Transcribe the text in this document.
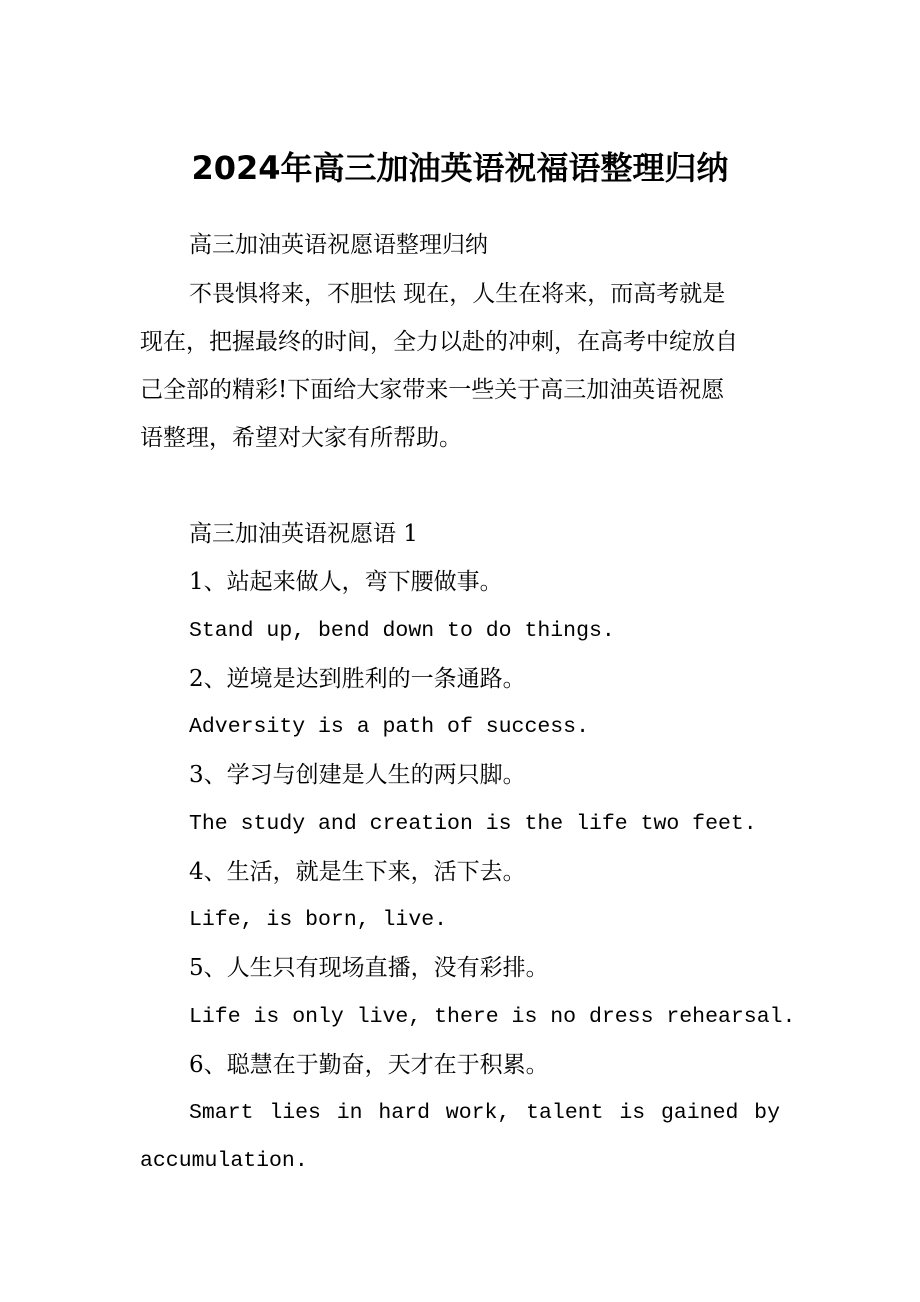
2024年高三加油英语祝福语整理归纳
高三加油英语祝愿语整理归纳
不畏惧将来，不胆怯 现在，人生在将来，而高考就是
现在，把握最终的时间，全力以赴的冲刺，在高考中绽放自
己全部的精彩!下面给大家带来一些关于高三加油英语祝愿
语整理，希望对大家有所帮助。
高三加油英语祝愿语 1
1、站起来做人，弯下腰做事。
Stand up, bend down to do things.
2、逆境是达到胜利的一条通路。
Adversity is a path of success.
3、学习与创建是人生的两只脚。
The study and creation is the life two feet.
4、生活，就是生下来，活下去。
Life, is born, live.
5、人生只有现场直播，没有彩排。
Life is only live, there is no dress rehearsal.
6、聪慧在于勤奋，天才在于积累。
Smart lies in hard work, talent is gained by
accumulation.
